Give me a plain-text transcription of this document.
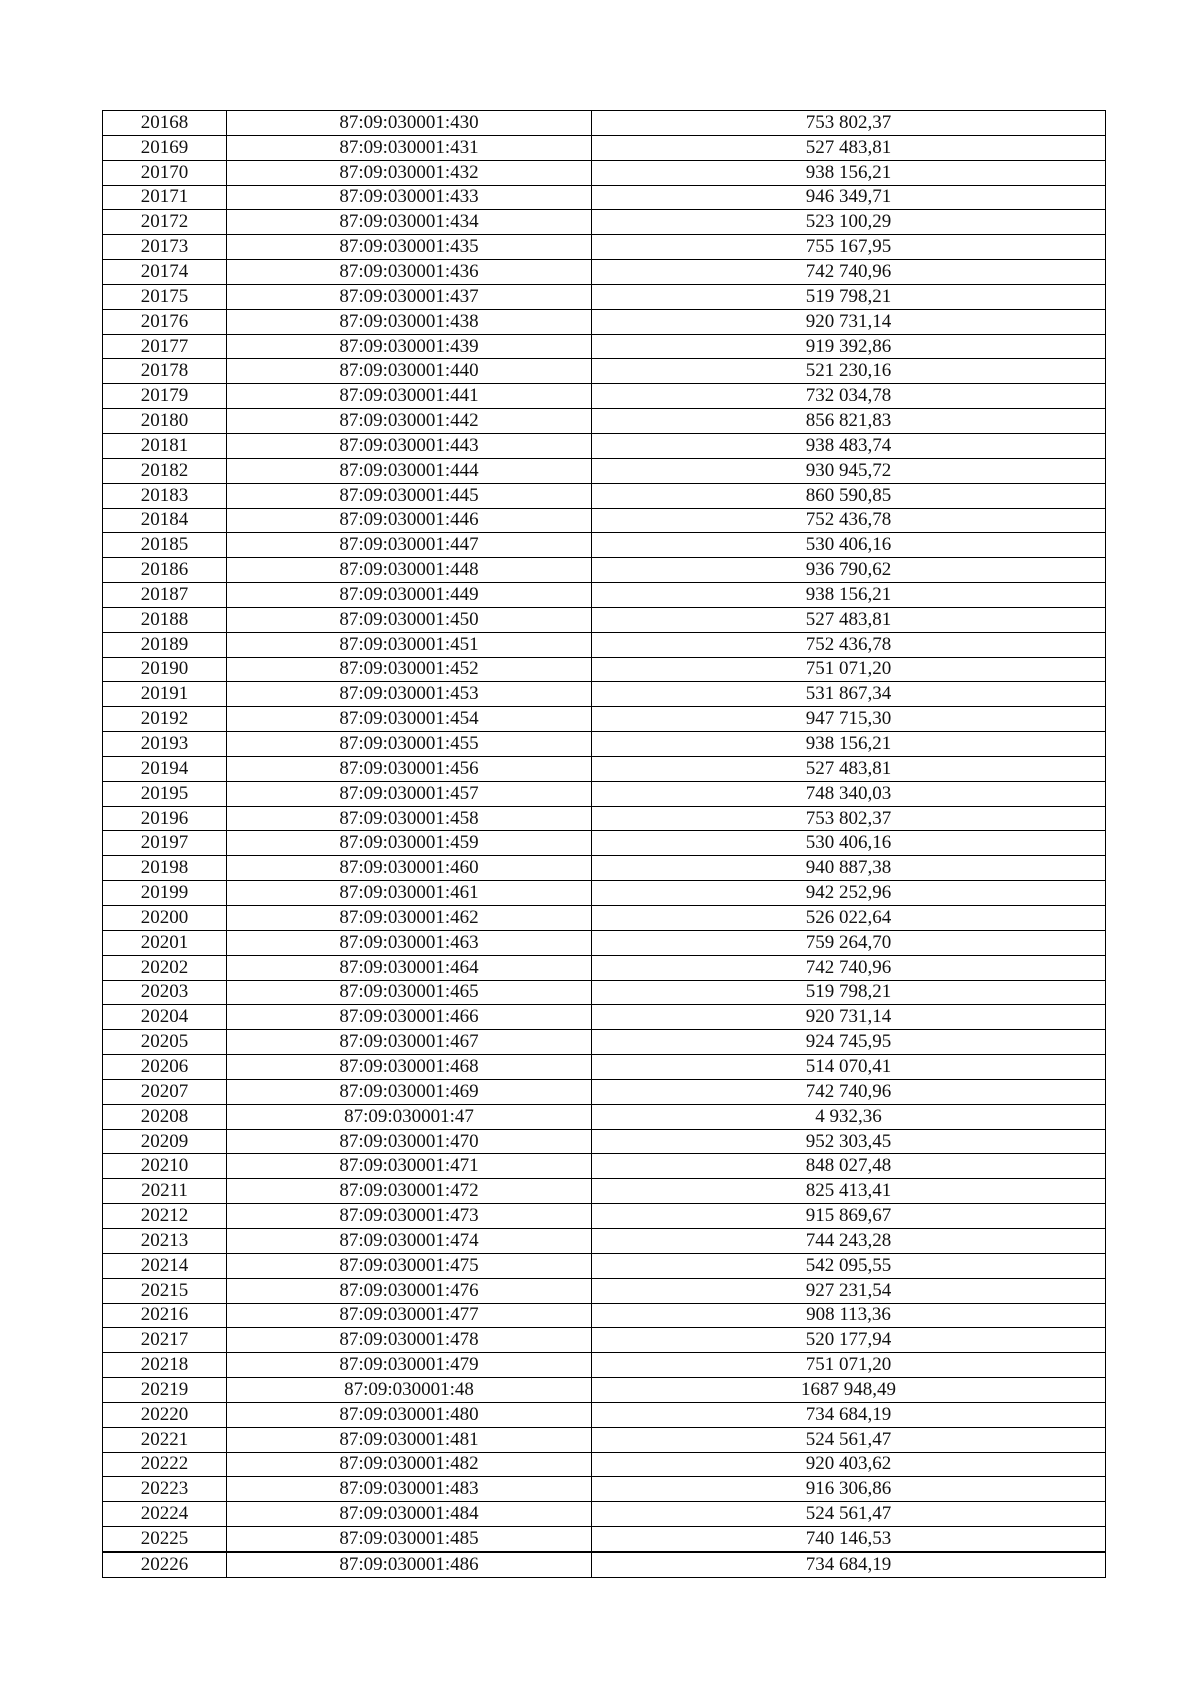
20168	87:09:030001:430	753 802,37
20169	87:09:030001:431	527 483,81
20170	87:09:030001:432	938 156,21
20171	87:09:030001:433	946 349,71
20172	87:09:030001:434	523 100,29
20173	87:09:030001:435	755 167,95
20174	87:09:030001:436	742 740,96
20175	87:09:030001:437	519 798,21
20176	87:09:030001:438	920 731,14
20177	87:09:030001:439	919 392,86
20178	87:09:030001:440	521 230,16
20179	87:09:030001:441	732 034,78
20180	87:09:030001:442	856 821,83
20181	87:09:030001:443	938 483,74
20182	87:09:030001:444	930 945,72
20183	87:09:030001:445	860 590,85
20184	87:09:030001:446	752 436,78
20185	87:09:030001:447	530 406,16
20186	87:09:030001:448	936 790,62
20187	87:09:030001:449	938 156,21
20188	87:09:030001:450	527 483,81
20189	87:09:030001:451	752 436,78
20190	87:09:030001:452	751 071,20
20191	87:09:030001:453	531 867,34
20192	87:09:030001:454	947 715,30
20193	87:09:030001:455	938 156,21
20194	87:09:030001:456	527 483,81
20195	87:09:030001:457	748 340,03
20196	87:09:030001:458	753 802,37
20197	87:09:030001:459	530 406,16
20198	87:09:030001:460	940 887,38
20199	87:09:030001:461	942 252,96
20200	87:09:030001:462	526 022,64
20201	87:09:030001:463	759 264,70
20202	87:09:030001:464	742 740,96
20203	87:09:030001:465	519 798,21
20204	87:09:030001:466	920 731,14
20205	87:09:030001:467	924 745,95
20206	87:09:030001:468	514 070,41
20207	87:09:030001:469	742 740,96
20208	87:09:030001:47	4 932,36
20209	87:09:030001:470	952 303,45
20210	87:09:030001:471	848 027,48
20211	87:09:030001:472	825 413,41
20212	87:09:030001:473	915 869,67
20213	87:09:030001:474	744 243,28
20214	87:09:030001:475	542 095,55
20215	87:09:030001:476	927 231,54
20216	87:09:030001:477	908 113,36
20217	87:09:030001:478	520 177,94
20218	87:09:030001:479	751 071,20
20219	87:09:030001:48	1687 948,49
20220	87:09:030001:480	734 684,19
20221	87:09:030001:481	524 561,47
20222	87:09:030001:482	920 403,62
20223	87:09:030001:483	916 306,86
20224	87:09:030001:484	524 561,47
20225	87:09:030001:485	740 146,53
20226	87:09:030001:486	734 684,19
